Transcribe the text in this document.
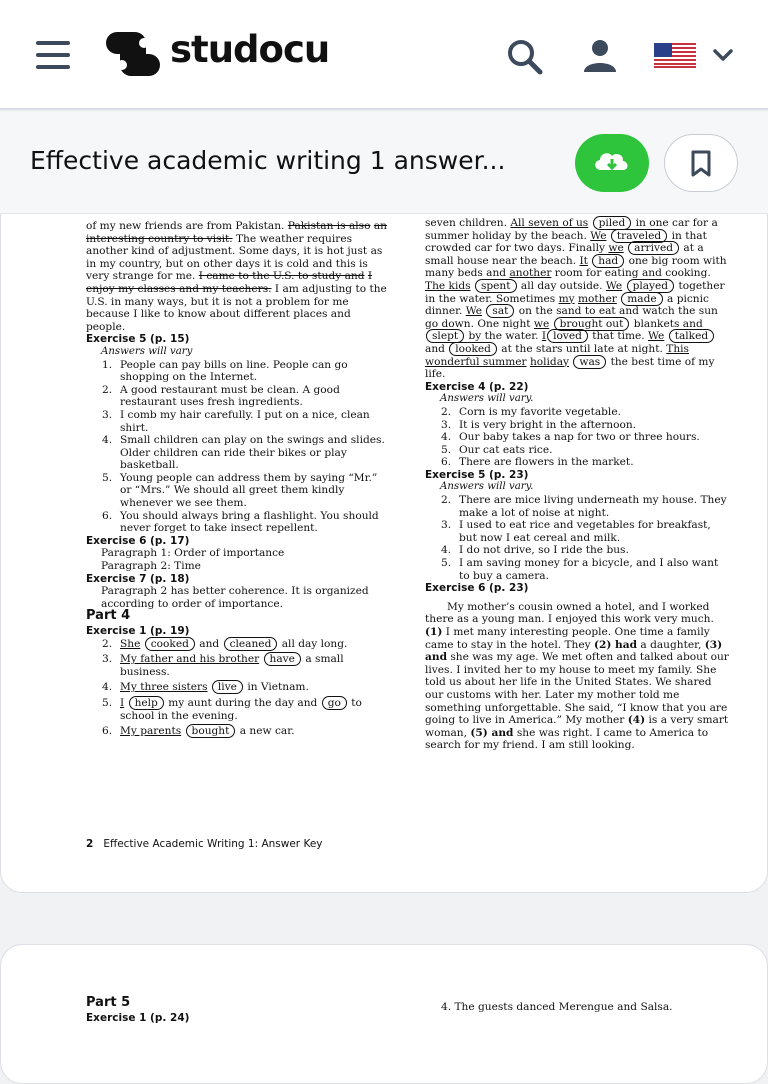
studocu
Effective academic writing 1 answer...

of my new friends are from Pakistan. Pakistan is also an interesting country to visit. The weather requires another kind of adjustment. Some days, it is hot just as in my country, but on other days it is cold and this is very strange for me. I came to the U.S. to study and I enjoy my classes and my teachers. I am adjusting to the U.S. in many ways, but it is not a problem for me because I like to know about different places and people.

Exercise 5 (p. 15)

Answers will vary

1. People can pay bills on line. People can go shopping on the Internet.

2. A good restaurant must be clean. A good restaurant uses fresh ingredients.

3. I comb my hair carefully. I put on a nice, clean shirt.

4. Small children can play on the swings and slides. Older children can ride their bikes or play basketball.

5. Young people can address them by saying “Mr.” or “Mrs.” We should all greet them kindly whenever we see them.

6. You should always bring a flashlight. You should never forget to take insect repellent.

Exercise 6 (p. 17)

Paragraph 1: Order of importance

Paragraph 2: Time

Exercise 7 (p. 18)

Paragraph 2 has better coherence. It is organized according to order of importance.

Part 4

Exercise 1 (p. 19)

2. She cooked and cleaned all day long.

3. My father and his brother have a small business.

4. My three sisters live in Vietnam.

5. I help my aunt during the day and go to school in the evening.

6. My parents bought a new car.

seven children. All seven of us piled in one car for a summer holiday by the beach. We traveled in that crowded car for two days. Finally we arrived at a small house near the beach. It had one big room with many beds and another room for eating and cooking. The kids spent all day outside. We played together in the water. Sometimes my mother made a picnic dinner. We sat on the sand to eat and watch the sun go down. One night we brought out blankets and slept by the water. I loved that time. We talked and looked at the stars until late at night. This wonderful summer holiday was the best time of my life.

Exercise 4 (p. 22)

Answers will vary.

2. Corn is my favorite vegetable.

3. It is very bright in the afternoon.

4. Our baby takes a nap for two or three hours.

5. Our cat eats rice.

6. There are flowers in the market.

Exercise 5 (p. 23)

Answers will vary.

2. There are mice living underneath my house. They make a lot of noise at night.

3. I used to eat rice and vegetables for breakfast, but now I eat cereal and milk.

4. I do not drive, so I ride the bus.

5. I am saving money for a bicycle, and I also want to buy a camera.

Exercise 6 (p. 23)

My mother’s cousin owned a hotel, and I worked there as a young man. I enjoyed this work very much. (1) I met many interesting people. One time a family came to stay in the hotel. They (2) had a daughter, (3) and she was my age. We met often and talked about our lives. I invited her to my house to meet my family. She told us about her life in the United States. We shared our customs with her. Later my mother told me something unforgettable. She said, “I know that you are going to live in America.” My mother (4) is a very smart woman, (5) and she was right. I came to America to search for my friend. I am still looking.

2 Effective Academic Writing 1: Answer Key

Part 5

Exercise 1 (p. 24)

4. The guests danced Merengue and Salsa.
